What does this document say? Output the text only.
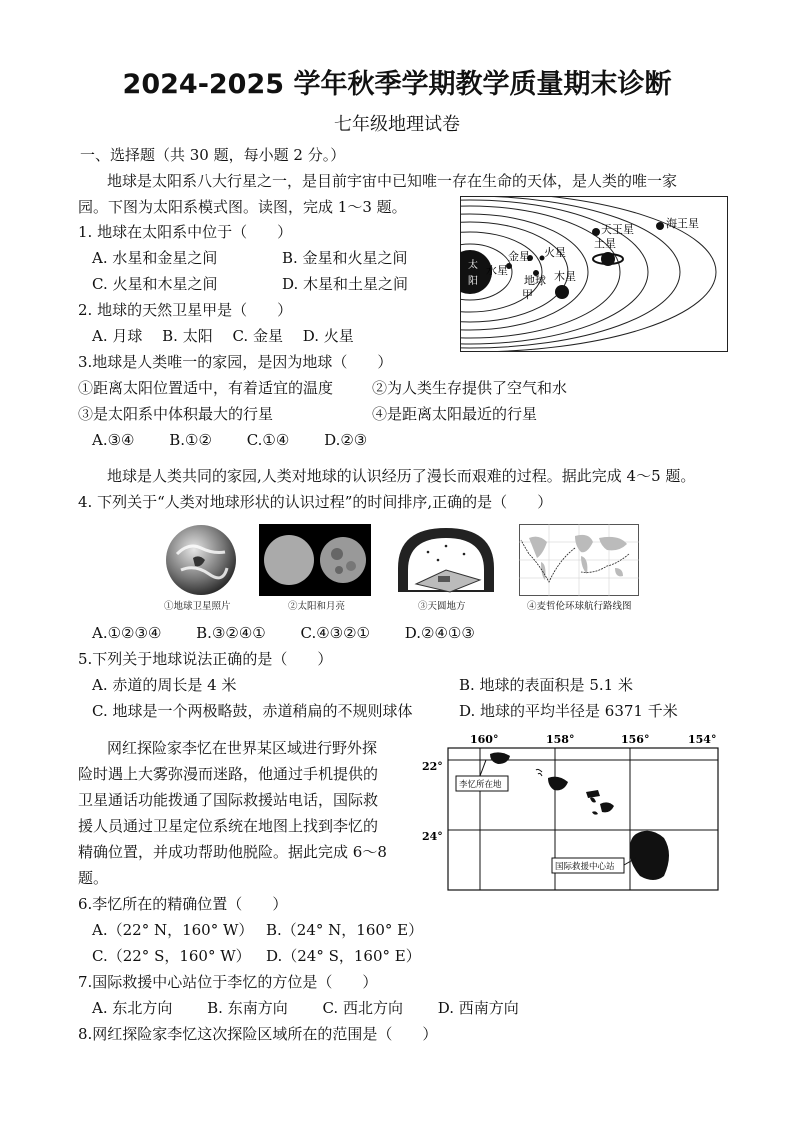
2024-2025 学年秋季学期教学质量期末诊断
七年级地理试卷
一、选择题（共 30 题，每小题 2 分。）
地球是太阳系八大行星之一，是目前宇宙中已知唯一存在生命的天体，是人类的唯一家
园。下图为太阳系模式图。读图，完成 1～3 题。
1. 地球在太阳系中位于（　　）
A. 水星和金星之间	B. 金星和火星之间
C. 火星和木星之间	D. 木星和土星之间
2. 地球的天然卫星甲是（　　）
A. 月球　 B. 太阳　 C. 金星　 D. 火星
3.地球是人类唯一的家园，是因为地球（　　）
①距离太阳位置适中，有着适宜的温度	②为人类生存提供了空气和水
③是太阳系中体积最大的行星	④是距离太阳最近的行星
A.③④　　 B.①②　　 C.①④　　 D.②③
太
阳
水星
金星
地球
甲
火星
木星
土星
天王星	海王星
地球是人类共同的家园,人类对地球的认识经历了漫长而艰难的过程。据此完成 4～5 题。
4. 下列关于“人类对地球形状的认识过程”的时间排序,正确的是（　　）
①地球卫星照片	②太阳和月亮	③天圆地方	④麦哲伦环球航行路线图
A.①②③④　　 B.③②④①　　 C.④③②①　　 D.②④①③
5.下列关于地球说法正确的是（　　）
A. 赤道的周长是 4 米	B. 地球的表面积是 5.1 米
C. 地球是一个两极略鼓，赤道稍扁的不规则球体	D. 地球的平均半径是 6371 千米
网红探险家李忆在世界某区域进行野外探
险时遇上大雾弥漫而迷路，他通过手机提供的
卫星通话功能拨通了国际救援站电话，国际救
援人员通过卫星定位系统在地图上找到李忆的
精确位置，并成功帮助他脱险。据此完成 6～8
题。
160°	158°	156°	154°
22°
24°
李忆所在地
国际救援中心站
6.李忆所在的精确位置（　　）
A.（22° N，160° W） B.（24° N，160° E）
C.（22° S，160° W） D.（24° S，160° E）
7.国际救援中心站位于李忆的方位是（　　）
A. 东北方向　　 B. 东南方向　　 C. 西北方向　　 D. 西南方向
8.网红探险家李忆这次探险区域所在的范围是（　　）
